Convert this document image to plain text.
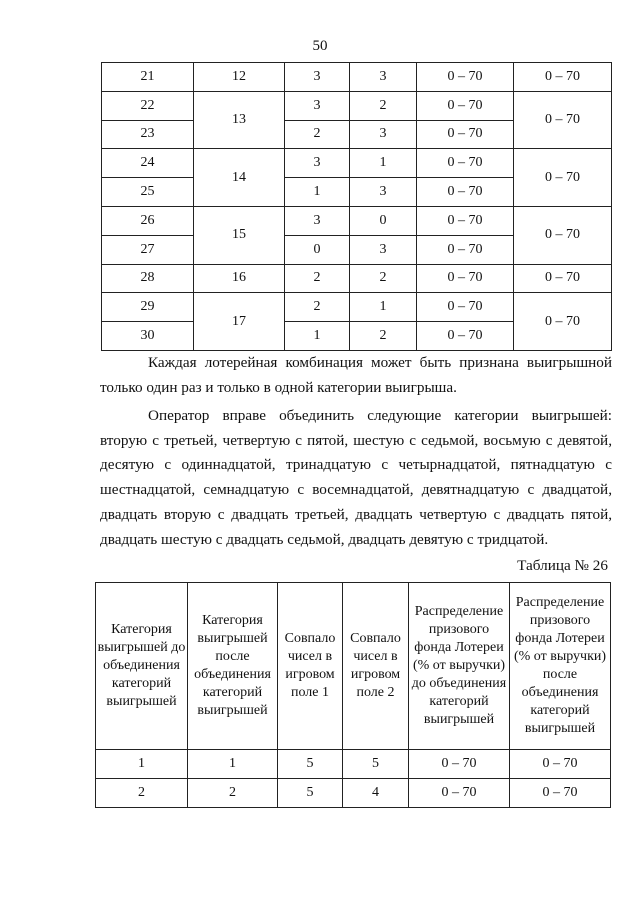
50
21	12	3	3	0 – 70	0 – 70
22	13	3	2	0 – 70	0 – 70
23		2	3	0 – 70	
24	14	3	1	0 – 70	0 – 70
25		1	3	0 – 70	
26	15	3	0	0 – 70	0 – 70
27		0	3	0 – 70	
28	16	2	2	0 – 70	0 – 70
29	17	2	1	0 – 70	0 – 70
30		1	2	0 – 70	

Каждая лотерейная комбинация может быть признана выигрышной только один раз и только в одной категории выигрыша.

Оператор вправе объединить следующие категории выигрышей: вторую с третьей, четвертую с пятой, шестую с седьмой, восьмую с девятой, десятую с одиннадцатой, тринадцатую с четырнадцатой, пятнадцатую с шестнадцатой, семнадцатую с восемнадцатой, девятнадцатую с двадцатой, двадцать вторую с двадцать третьей, двадцать четвертую с двадцать пятой, двадцать шестую с двадцать седьмой, двадцать девятую с тридцатой.

Таблица № 26
Категория выигрышей до объединения категорий выигрышей	Категория выигрышей после объединения категорий выигрышей	Совпало чисел в игровом поле 1	Совпало чисел в игровом поле 2	Распределение призового фонда Лотереи (% от выручки) до объединения категорий выигрышей	Распределение призового фонда Лотереи (% от выручки) после объединения категорий выигрышей
1	1	5	5	0 – 70	0 – 70
2	2	5	4	0 – 70	0 – 70
